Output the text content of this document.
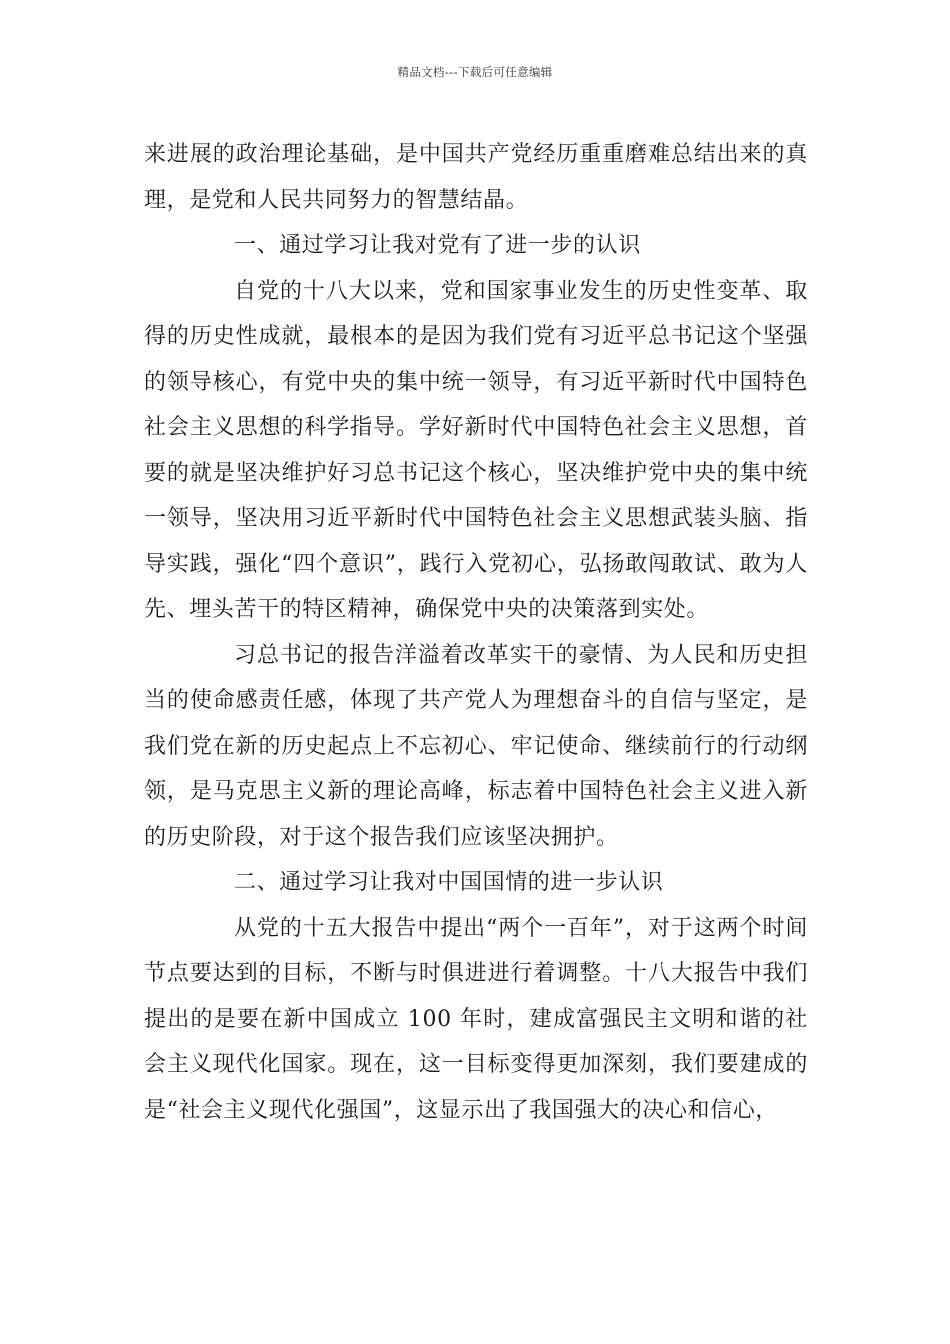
精品文档---下载后可任意编辑

来进展的政治理论基础，是中国共产党经历重重磨难总结出来的真理，是党和人民共同努力的智慧结晶。

一、通过学习让我对党有了进一步的认识

自党的十八大以来，党和国家事业发生的历史性变革、取得的历史性成就，最根本的是因为我们党有习近平总书记这个坚强的领导核心，有党中央的集中统一领导，有习近平新时代中国特色社会主义思想的科学指导。学好新时代中国特色社会主义思想，首要的就是坚决维护好习总书记这个核心，坚决维护党中央的集中统一领导，坚决用习近平新时代中国特色社会主义思想武装头脑、指导实践，强化“四个意识”，践行入党初心，弘扬敢闯敢试、敢为人先、埋头苦干的特区精神，确保党中央的决策落到实处。

习总书记的报告洋溢着改革实干的豪情、为人民和历史担当的使命感责任感，体现了共产党人为理想奋斗的自信与坚定，是我们党在新的历史起点上不忘初心、牢记使命、继续前行的行动纲领，是马克思主义新的理论高峰，标志着中国特色社会主义进入新的历史阶段，对于这个报告我们应该坚决拥护。

二、通过学习让我对中国国情的进一步认识

从党的十五大报告中提出“两个一百年”，对于这两个时间节点要达到的目标，不断与时俱进进行着调整。十八大报告中我们提出的是要在新中国成立 100 年时，建成富强民主文明和谐的社会主义现代化国家。现在，这一目标变得更加深刻，我们要建成的是“社会主义现代化强国”，这显示出了我国强大的决心和信心，
